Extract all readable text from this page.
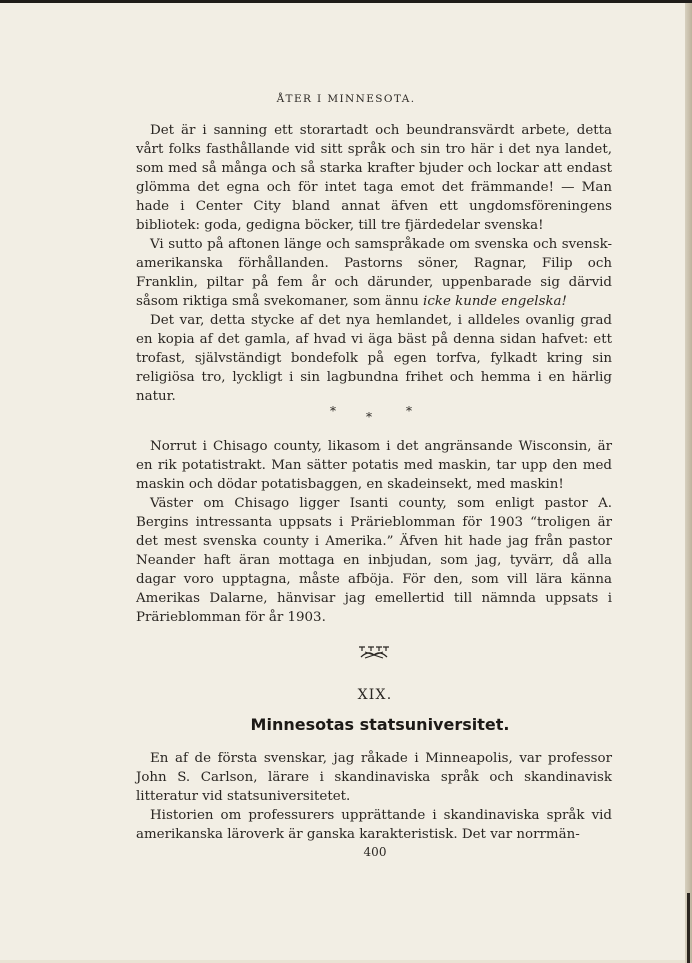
ÅTER I MINNESOTA.

Det är i sanning ett storartadt och beundransvärdt arbete, detta vårt folks fasthållande vid sitt språk och sin tro här i det nya landet, som med så många och så starka krafter bjuder och lockar att endast glömma det egna och för intet taga emot det främmande! — Man hade i Center City bland annat äfven ett ungdomsföreningens bibliotek: goda, gedigna böcker, till tre fjärdedelar svenska!

Vi sutto på aftonen länge och samspråkade om svenska och svensk-amerikanska förhållanden. Pastorns söner, Ragnar, Filip och Franklin, piltar på fem år och därunder, uppenbarade sig därvid såsom riktiga små svekomaner, som ännu icke kunde engelska!

Det var, detta stycke af det nya hemlandet, i alldeles ovanlig grad en kopia af det gamla, af hvad vi äga bäst på denna sidan hafvet: ett trofast, självständigt bondefolk på egen torfva, fylkadt kring sin religiösa tro, lyckligt i sin lagbundna frihet och hemma i en härlig natur.

*	*	*

Norrut i Chisago county, likasom i det angränsande Wisconsin, är en rik potatistrakt. Man sätter potatis med maskin, tar upp den med maskin och dödar potatisbaggen, en skadeinsekt, med maskin!

Väster om Chisago ligger Isanti county, som enligt pastor A. Bergins intressanta uppsats i Prärieblomman för 1903 “troligen är det mest svenska county i Amerika.” Äfven hit hade jag från pastor Neander haft äran mottaga en inbjudan, som jag, tyvärr, då alla dagar voro upptagna, måste afböja. För den, som vill lära känna Amerikas Dalarne, hänvisar jag emellertid till nämnda uppsats i Prärieblomman för år 1903.

XIX.
Minnesotas statsuniversitet.

En af de första svenskar, jag råkade i Minneapolis, var professor John S. Carlson, lärare i skandinaviska språk och skandinavisk litteratur vid statsuniversitetet.

Historien om professurers upprättande i skandinaviska språk vid amerikanska läroverk är ganska karakteristisk. Det var norrmän-

400
